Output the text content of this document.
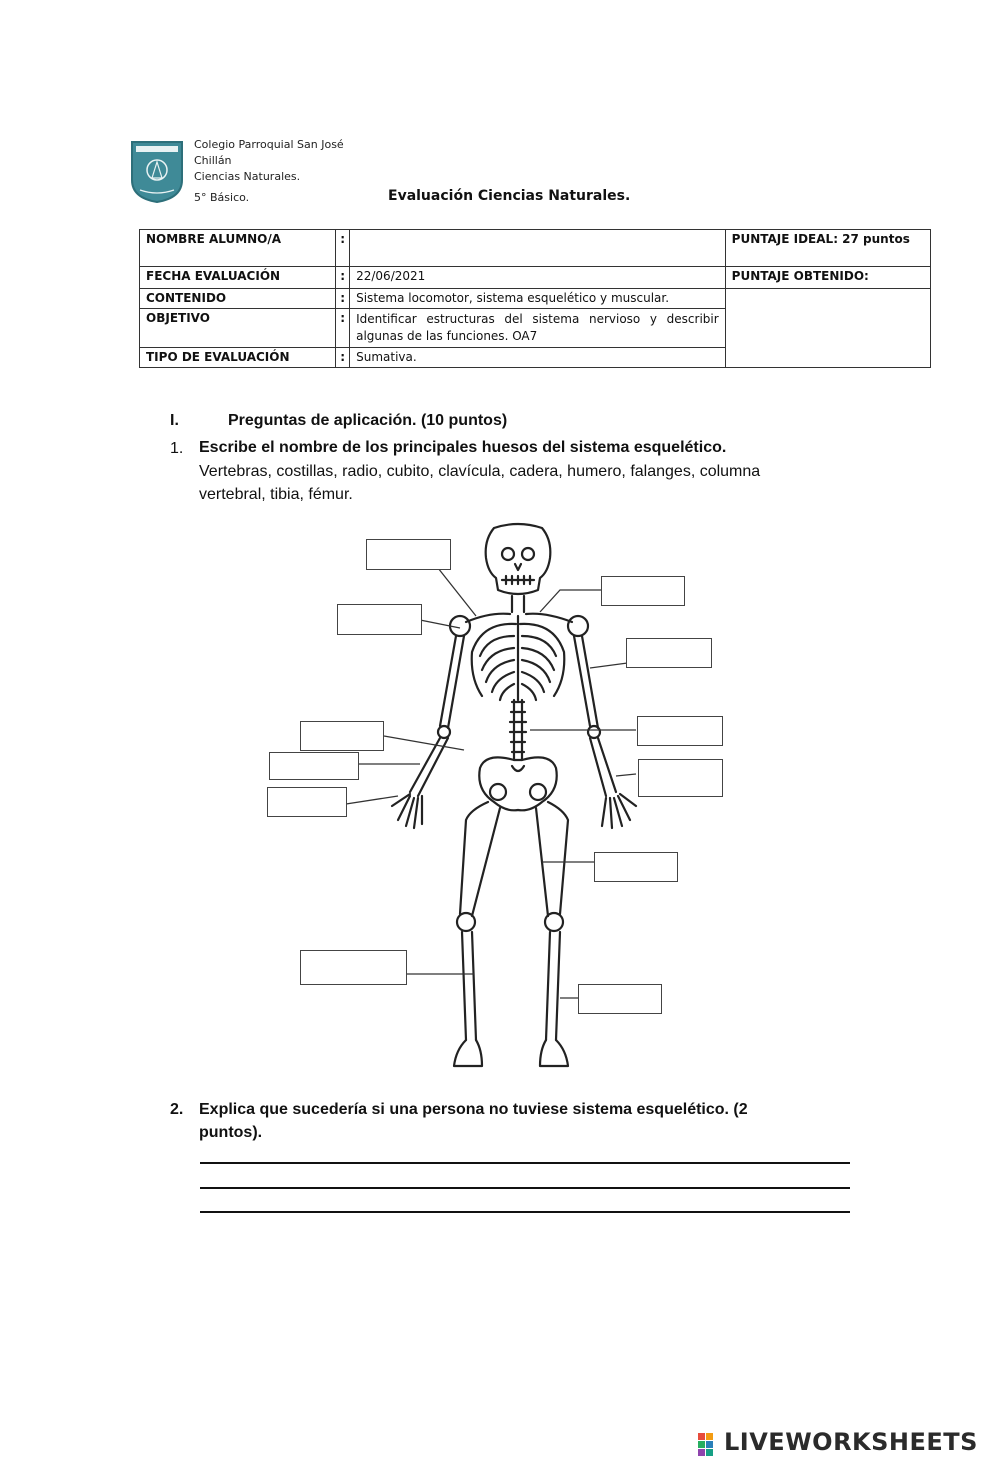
Colegio Parroquial San José
Chillán
Ciencias Naturales.
5° Básico.	Evaluación Ciencias Naturales.
NOMBRE ALUMNO/A	:		PUNTAJE IDEAL: 27 puntos
FECHA EVALUACIÓN	:	22/06/2021	PUNTAJE OBTENIDO:
CONTENIDO	:	Sistema locomotor, sistema esquelético y muscular.	
OBJETIVO	:	Identificar estructuras del sistema nervioso y describir algunas de las funciones. OA7	
TIPO DE EVALUACIÓN	:	Sumativa.	
I.	Preguntas de aplicación. (10 puntos)
1. Escribe el nombre de los principales huesos del sistema esquelético.
Vertebras, costillas, radio, cubito, clavícula, cadera, humero, falanges, columna
vertebral, tibia, fémur.
2. Explica que sucedería si una persona no tuviese sistema esquelético. (2
puntos).
LIVEWORKSHEETS
